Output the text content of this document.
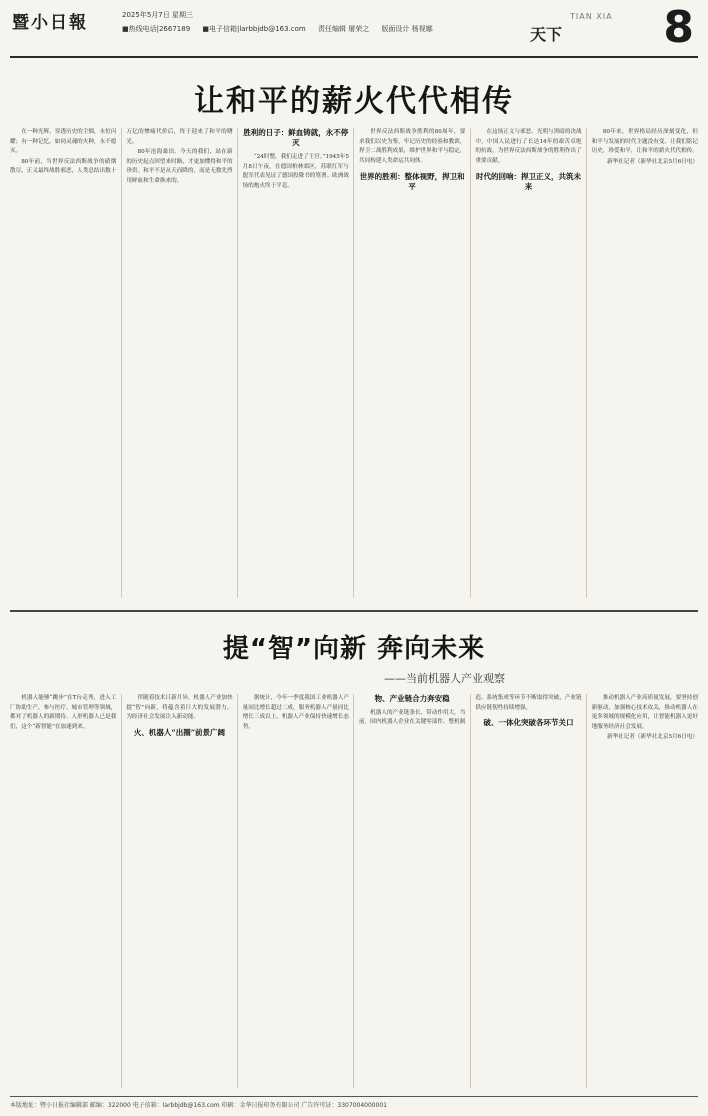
暨小日報	2025年5月7日 星期三
■热线电话|2667189 ■电子信箱|larbbjdb@163.com 责任编辑 屠荣之 版面设计 杨视娜	天下
TIAN XIA 8
让和平的薪火代代相传

在一种光辉，穿透历史的尘烟，永恒闪耀；有一种记忆，如同灵魂的火种，永不熄灭。

80年前，当世界反法西斯战争的硝烟散尽，正义最终战胜邪恶，人类总结出数十万亿的惨痛代价后，终于迎来了和平的曙光。

80年沧海桑田。今天的我们，站在新的历史起点回望来时路，才更加懂得和平的珍贵。和平不是从天而降的，而是无数先烈用鲜血和生命换来的。

胜利的日子：鲜血铸就，永不停灭

“24时整，我们走进了王宫。”1945年5月8日午夜，在德国柏林郊区，苏联红军与盟军代表见证了德国投降书的签署。欧洲战场的炮火终于平息。

世界反法西斯战争胜利的80周年，要求我们以史为鉴，牢记历史的经验和教训，捍卫二战胜利成果，维护世界和平与稳定，共同构建人类命运共同体。

世界的胜利：整体视野，捍卫和平

在这场正义与邪恶、光明与黑暗的决战中，中国人民进行了长达14年的艰苦卓绝的抗战，为世界反法西斯战争的胜利作出了重要贡献。

时代的回响：捍卫正义，共筑未来

80年来，世界格局经历深刻变化，但和平与发展的时代主题没有变。让我们铭记历史，珍爱和平，让和平的薪火代代相传。

新华社记者（新华社北京5月6日电）

提“智”向新 奔向未来
——当前机器人产业观察

机器人能够“跳步”在T台走秀，进入工厂协助生产，参与医疗、城市管理等领域，都对了机器人的新期待。人形机器人已是我们，这个“新智能”在加速到来。

伴随着技术日新月异，机器人产业加快提“智”向新，将蕴含着巨大的发展潜力，为经济社会发展注入新动能。

火、机器人“出圈”前景广阔

据统计，今年一季度我国工业机器人产量同比增长超过二成，服务机器人产量同比增长三成以上，机器人产业保持快速增长态势。

物、产业链合力奔安稳

机器人的产业链条长、带动作用大。当前，国内机器人企业在关键零部件、整机制造、系统集成等环节不断取得突破，产业链供应链韧性持续增强。

破、一体化突破各环节关口

推动机器人产业高质量发展，要坚持创新驱动，加强核心技术攻关，推动机器人在更多领域的规模化应用，让智能机器人更好地服务经济社会发展。

新华社记者（新华社北京5月6日电）

本版地址：暨小日报社编辑部 邮编：322000 电子信箱：larbbjdb@163.com 印刷：金华日报印务有限公司 广告许可证：3307004000001
